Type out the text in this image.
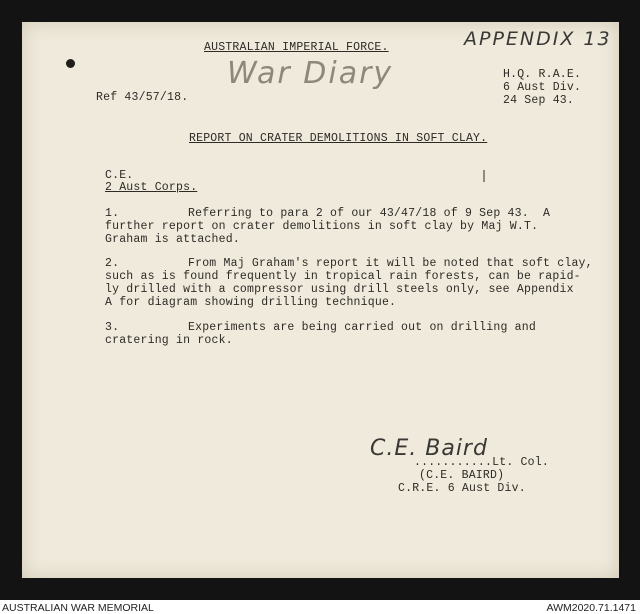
AUSTRALIAN IMPERIAL FORCE.	APPENDIX 13
War Diary	H.Q. R.A.E.
6 Aust Div.
24 Sep 43.
Ref 43/57/18.
REPORT ON CRATER DEMOLITIONS IN SOFT CLAY.
C.E.
2 Aust Corps.
1.	Referring to para 2 of our 43/47/18 of 9 Sep 43.  A
further report on crater demolitions in soft clay by Maj W.T.
Graham is attached.
2.	From Maj Graham's report it will be noted that soft clay,
such as is found frequently in tropical rain forests, can be rapid-
ly drilled with a compressor using drill steels only, see Appendix
A for diagram showing drilling technique.
3.	Experiments are being carried out on drilling and
cratering in rock.
C.E. Baird
...........Lt. Col.
(C.E. BAIRD)
C.R.E. 6 Aust Div.
AUSTRALIAN WAR MEMORIAL	AWM2020.71.1471
